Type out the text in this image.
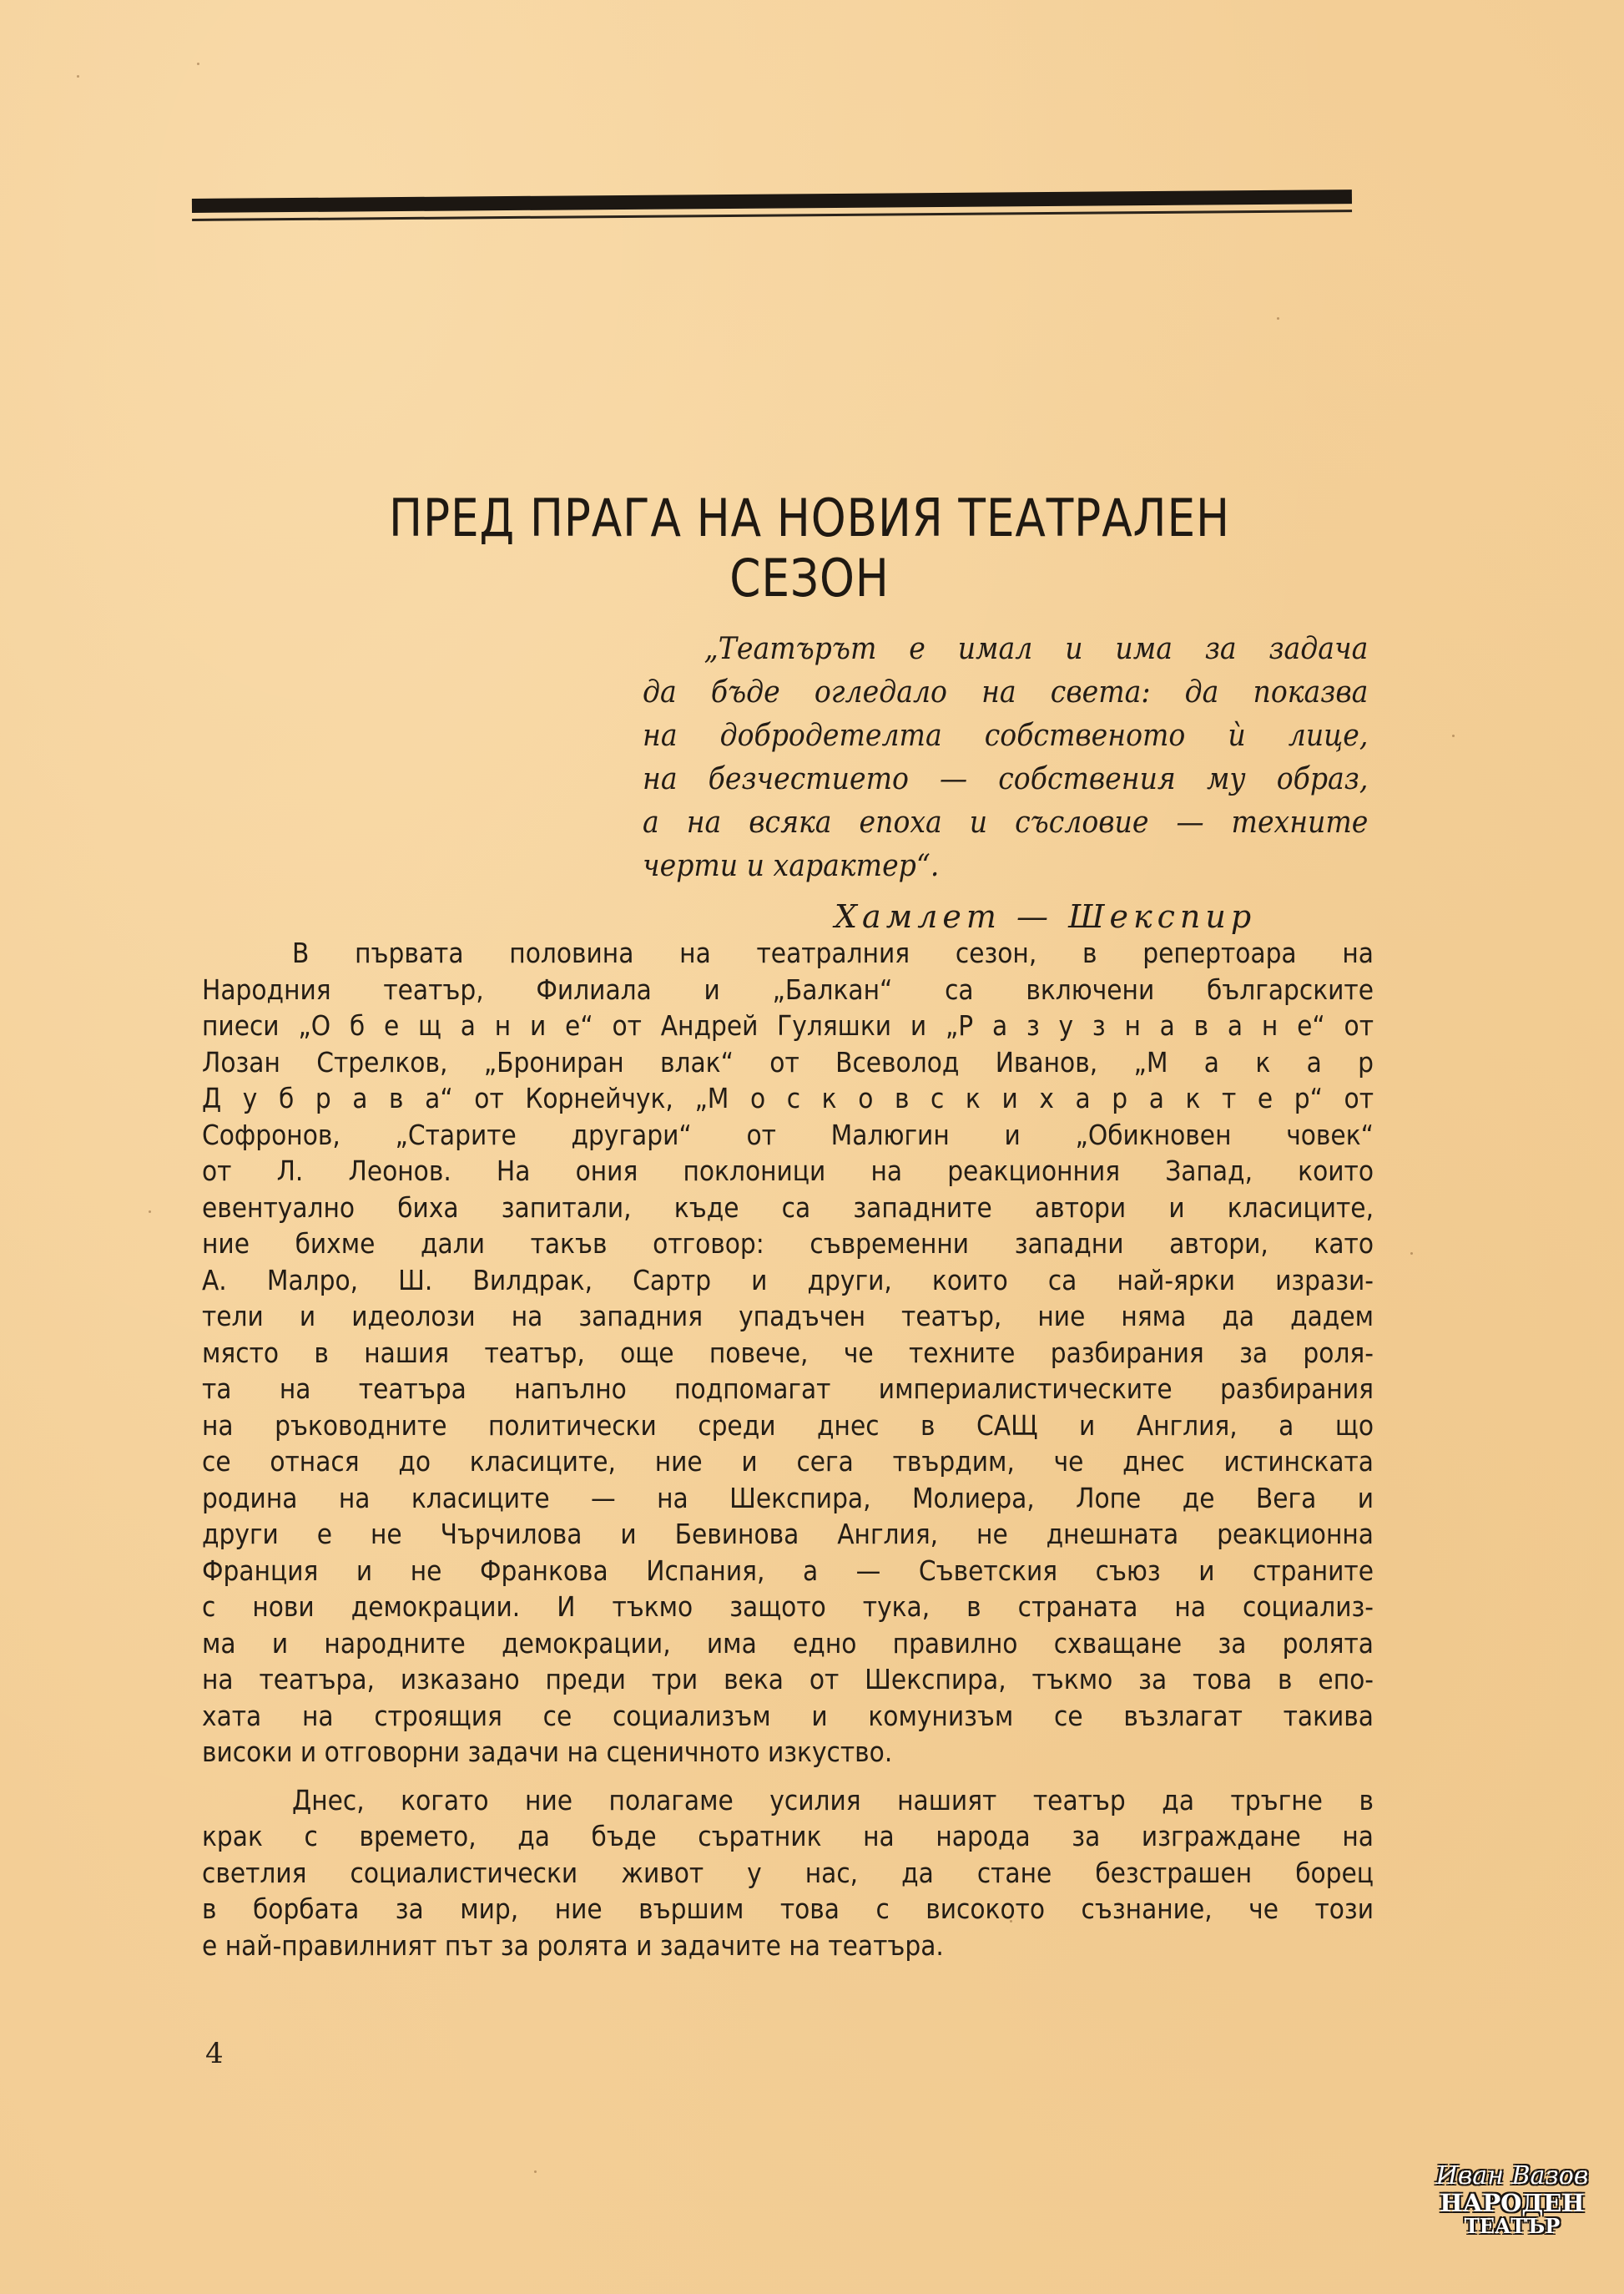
ПРЕД ПРАГА НА НОВИЯ ТЕАТРАЛЕН
СЕЗОН
„Театърът е имал и има за задача
да бъде огледало на света: да показва
на добродетелта собственото ѝ лице,
на безчестието — собствения му образ,
а на всяка епоха и съсловие — техните
черти и характер“.
Хамлет — Шекспир
В първата половина на театралния сезон, в репертоара на
Народния театър, Филиала и „Балкан“ са включени българските
пиеси „О б е щ а н и е“ от Андрей Гуляшки и „Р а з у з н а в а н е“ от
Лозан Стрелков, „Брониран влак“ от Всеволод Иванов, „М а к а р
Д у б р а в а“ от Корнейчук, „М о с к о в с к и х а р а к т е р“ от
Софронов, „Старите другари“ от Малюгин и „Обикновен човек“
от Л. Леонов. На ония поклоници на реакционния Запад, които
евентуално биха запитали, къде са западните автори и класиците,
ние бихме дали такъв отговор: съвременни западни автори, като
А. Малро, Ш. Вилдрак, Сартр и други, които са най-ярки изрази-
тели и идеолози на западния упадъчен театър, ние няма да дадем
място в нашия театър, още повече, че техните разбирания за роля-
та на театъра напълно подпомагат империалистическите разбирания
на ръководните политически среди днес в САЩ и Англия, а що
се отнася до класиците, ние и сега твърдим, че днес истинската
родина на класиците — на Шекспира, Молиера, Лопе де Вега и
други е не Чърчилова и Бевинова Англия, не днешната реакционна
Франция и не Франкова Испания, а — Съветския съюз и страните
с нови демокрации. И тъкмо защото тука, в страната на социализ-
ма и народните демокрации, има едно правилно схващане за ролята
на театъра, изказано преди три века от Шекспира, тъкмо за това в епо-
хата на строящия се социализъм и комунизъм се възлагат такива
високи и отговорни задачи на сценичното изкуство.
Днес, когато ние полагаме усилия нашият театър да тръгне в
крак с времето, да бъде съратник на народа за изграждане на
светлия социалистически живот у нас, да стане безстрашен борец
в борбата за мир, ние вършим това с високото съзнание, че този
е най-правилният път за ролята и задачите на театъра.
4
Иван Вазов
НАРОДЕН
ТЕАТЪР
